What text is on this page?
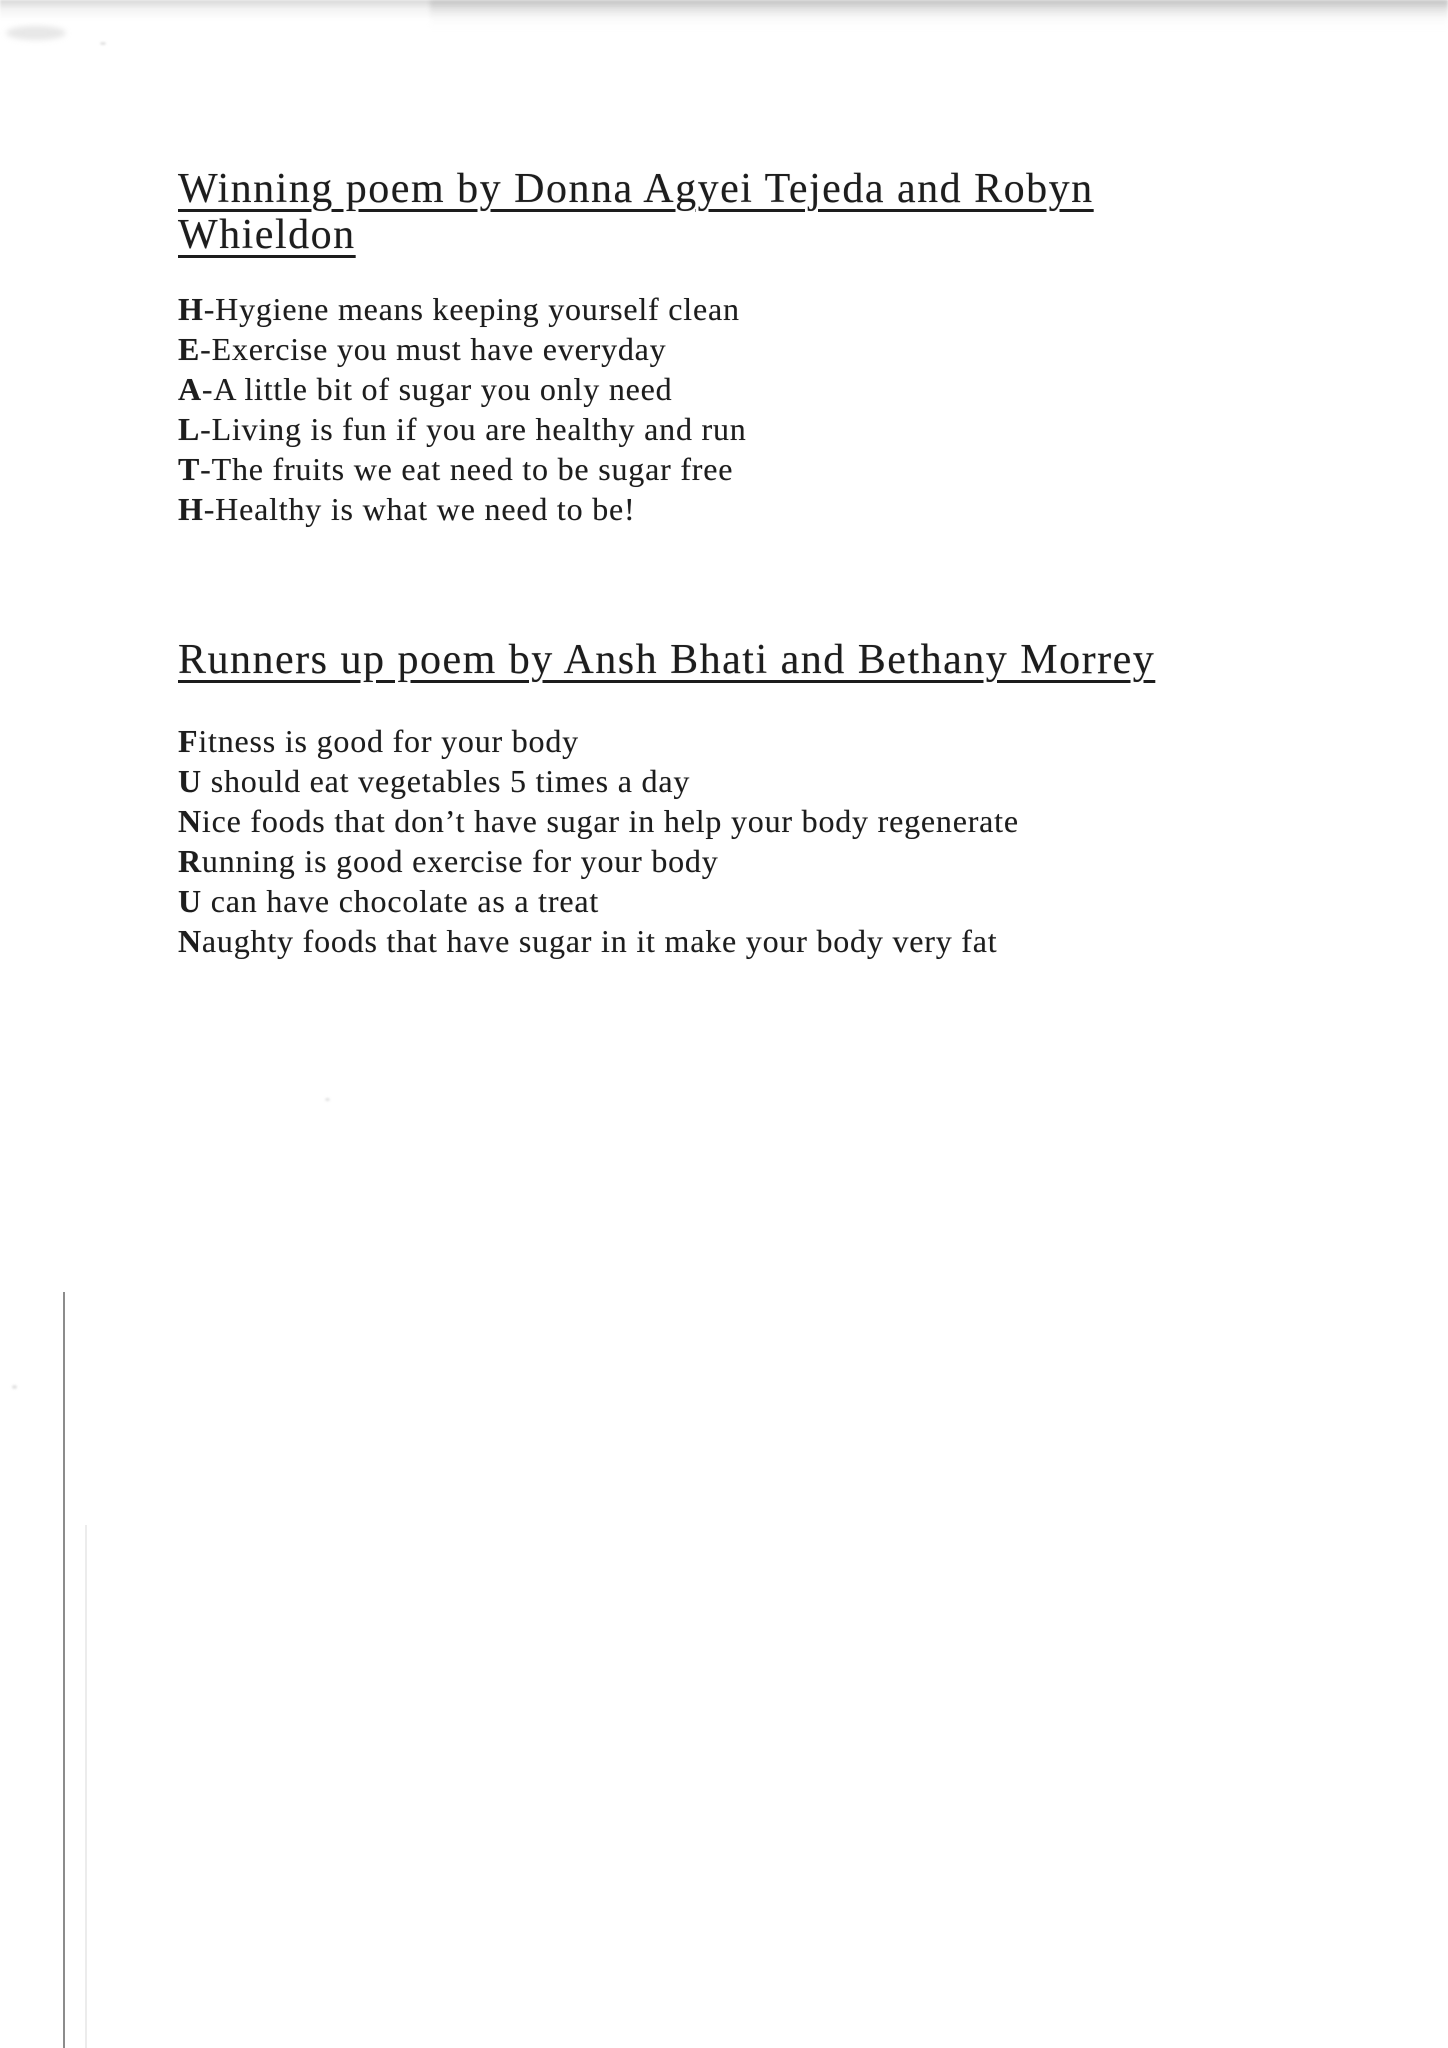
Winning poem by Donna Agyei Tejeda and Robyn Whieldon
H-Hygiene means keeping yourself clean
E-Exercise you must have everyday
A-A little bit of sugar you only need
L-Living is fun if you are healthy and run
T-The fruits we eat need to be sugar free
H-Healthy is what we need to be!
Runners up poem by Ansh Bhati and Bethany Morrey
Fitness is good for your body
U should eat vegetables 5 times a day
Nice foods that don’t have sugar in help your body regenerate
Running is good exercise for your body
U can have chocolate as a treat
Naughty foods that have sugar in it make your body very fat
